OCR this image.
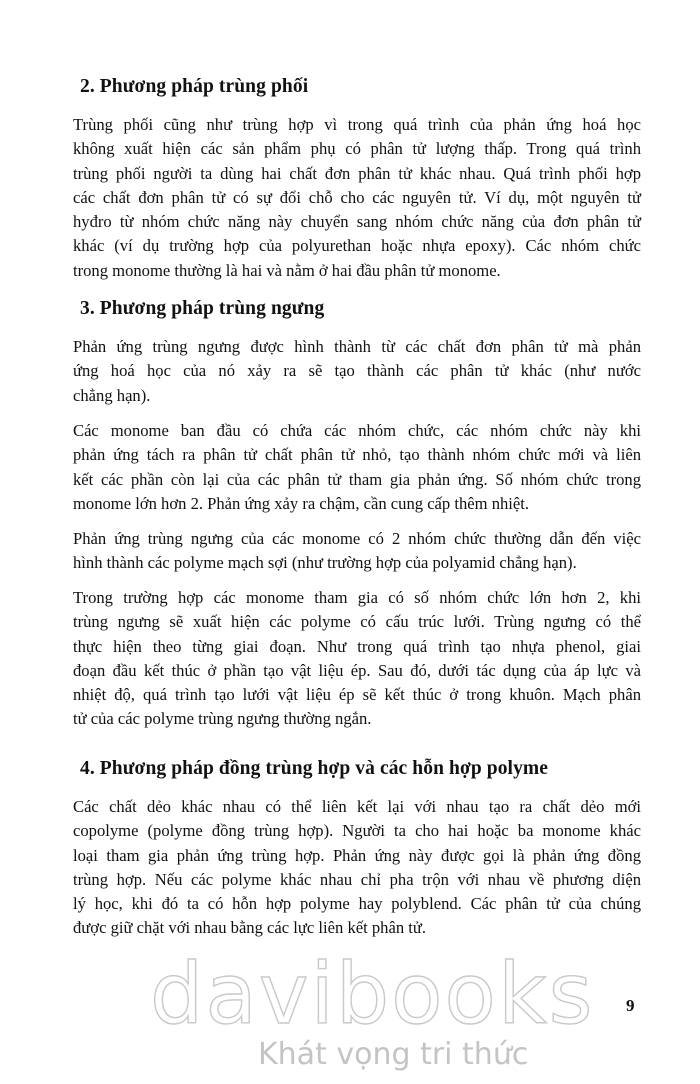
2. Phương pháp trùng phối

Trùng phối cũng như trùng hợp vì trong quá trình của phản ứng hoá học
không xuất hiện các sản phẩm phụ có phân tử lượng thấp. Trong quá trình
trùng phối người ta dùng hai chất đơn phân tử khác nhau. Quá trình phối hợp
các chất đơn phân tử có sự đổi chỗ cho các nguyên tử. Ví dụ, một nguyên tử
hyđro từ nhóm chức năng này chuyển sang nhóm chức năng của đơn phân tử
khác (ví dụ trường hợp của polyurethan hoặc nhựa epoxy). Các nhóm chức
trong monome thường là hai và nằm ở hai đầu phân tử monome.

3. Phương pháp trùng ngưng

Phản ứng trùng ngưng được hình thành từ các chất đơn phân tử mà phản
ứng hoá học của nó xảy ra sẽ tạo thành các phân tử khác (như nước
chẳng hạn).

Các monome ban đầu có chứa các nhóm chức, các nhóm chức này khi
phản ứng tách ra phân tử chất phân tử nhỏ, tạo thành nhóm chức mới và liên
kết các phần còn lại của các phân tử tham gia phản ứng. Số nhóm chức trong
monome lớn hơn 2. Phản ứng xảy ra chậm, cần cung cấp thêm nhiệt.

Phản ứng trùng ngưng của các monome có 2 nhóm chức thường dẫn đến việc
hình thành các polyme mạch sợi (như trường hợp của polyamid chẳng hạn).

Trong trường hợp các monome tham gia có số nhóm chức lớn hơn 2, khi
trùng ngưng sẽ xuất hiện các polyme có cấu trúc lưới. Trùng ngưng có thể
thực hiện theo từng giai đoạn. Như trong quá trình tạo nhựa phenol, giai
đoạn đầu kết thúc ở phần tạo vật liệu ép. Sau đó, dưới tác dụng của áp lực và
nhiệt độ, quá trình tạo lưới vật liệu ép sẽ kết thúc ở trong khuôn. Mạch phân
tử của các polyme trùng ngưng thường ngắn.

4. Phương pháp đồng trùng hợp và các hỗn hợp polyme

Các chất dẻo khác nhau có thể liên kết lại với nhau tạo ra chất dẻo mới
copolyme (polyme đồng trùng hợp). Người ta cho hai hoặc ba monome khác
loại tham gia phản ứng trùng hợp. Phản ứng này được gọi là phản ứng đồng
trùng hợp. Nếu các polyme khác nhau chỉ pha trộn với nhau về phương diện
lý học, khi đó ta có hỗn hợp polyme hay polyblend. Các phân tử của chúng
được giữ chặt với nhau bằng các lực liên kết phân tử.

davibooks 9
Khát vọng tri thức
